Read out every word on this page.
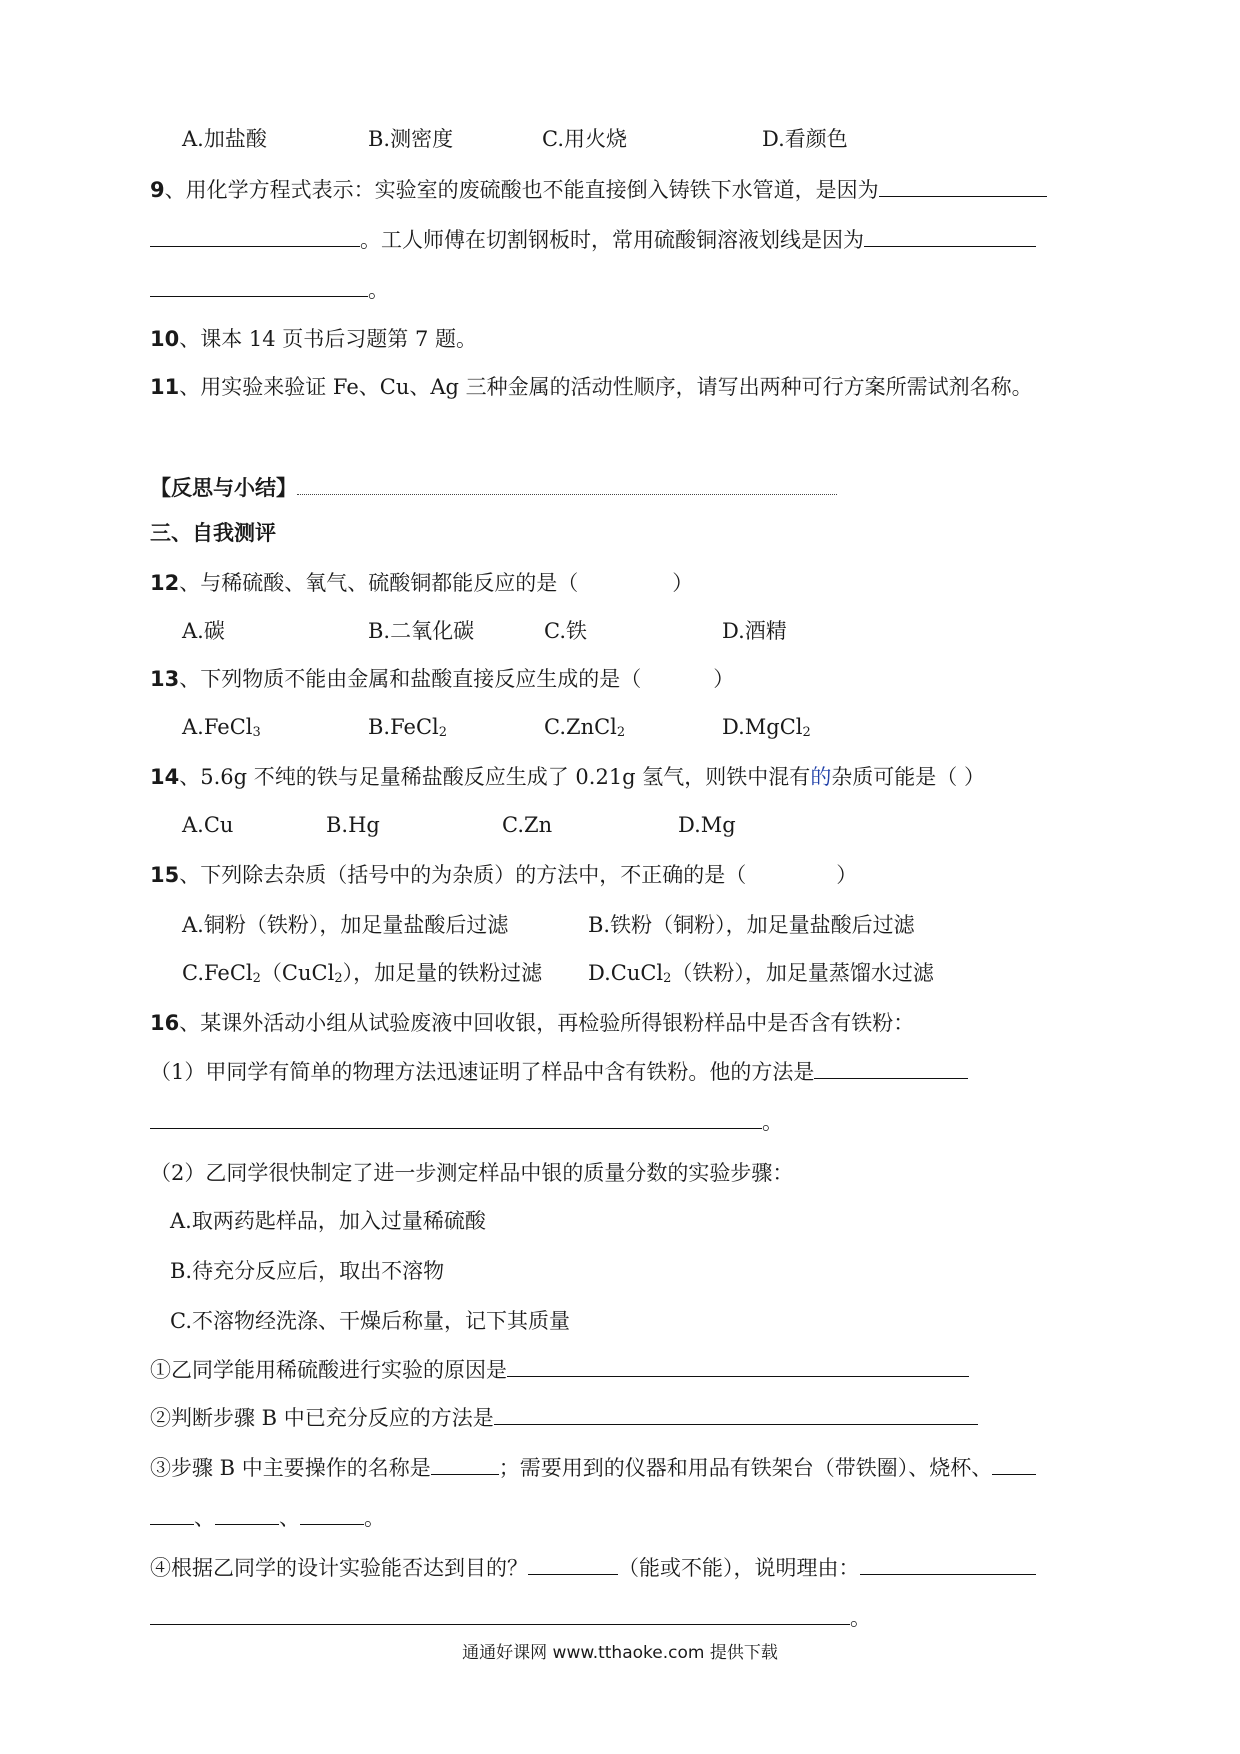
A.加盐酸	B.测密度	C.用火烧	D.看颜色
9、用化学方程式表示：实验室的废硫酸也不能直接倒入铸铁下水管道，是因为
。工人师傅在切割钢板时，常用硫酸铜溶液划线是因为
。
10、课本 14 页书后习题第 7 题。
11、用实验来验证 Fe、Cu、Ag 三种金属的活动性顺序，请写出两种可行方案所需试剂名称。
【反思与小结】
三、自我测评
12、与稀硫酸、氧气、硫酸铜都能反应的是（	）
A.碳	B.二氧化碳	C.铁	D.酒精
13、下列物质不能由金属和盐酸直接反应生成的是（	）
A.FeCl$_3$	B.FeCl$_2$	C.ZnCl$_2$	D.MgCl$_2$
14、5.6g 不纯的铁与足量稀盐酸反应生成了 0.21g 氢气，则铁中混有的杂质可能是（ ）
A.Cu	B.Hg	C.Zn	D.Mg
15、下列除去杂质（括号中的为杂质）的方法中，不正确的是（	）
A.铜粉（铁粉），加足量盐酸后过滤	B.铁粉（铜粉），加足量盐酸后过滤
C.FeCl$_2$（CuCl$_2$），加足量的铁粉过滤 D.CuCl$_2$（铁粉），加足量蒸馏水过滤
16、某课外活动小组从试验废液中回收银，再检验所得银粉样品中是否含有铁粉：
（1）甲同学有简单的物理方法迅速证明了样品中含有铁粉。他的方法是
。
（2）乙同学很快制定了进一步测定样品中银的质量分数的实验步骤：
A.取两药匙样品，加入过量稀硫酸
B.待充分反应后，取出不溶物
C.不溶物经洗涤、干燥后称量，记下其质量
①乙同学能用稀硫酸进行实验的原因是
②判断步骤 B 中已充分反应的方法是
③步骤 B 中主要操作的名称是	；需要用到的仪器和用品有铁架台（带铁圈）、烧杯、
、	、	。
④根据乙同学的设计实验能否达到目的？	（能或不能），说明理由：
。
通通好课网 www.tthaoke.com 提供下载
